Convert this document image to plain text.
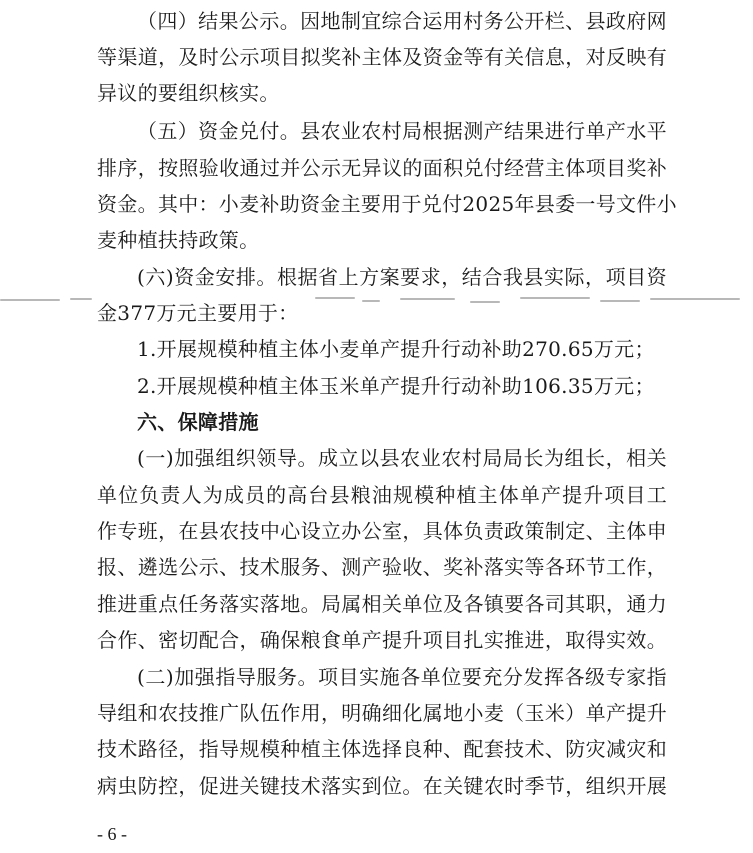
（四）结果公示。因地制宜综合运用村务公开栏、县政府网
等渠道，及时公示项目拟奖补主体及资金等有关信息，对反映有
异议的要组织核实。
（五）资金兑付。县农业农村局根据测产结果进行单产水平
排序，按照验收通过并公示无异议的面积兑付经营主体项目奖补
资金。其中：小麦补助资金主要用于兑付2025年县委一号文件小
麦种植扶持政策。
(六)资金安排。根据省上方案要求，结合我县实际，项目资
金377万元主要用于：
1.开展规模种植主体小麦单产提升行动补助270.65万元；
2.开展规模种植主体玉米单产提升行动补助106.35万元；
六、保障措施
(一)加强组织领导。成立以县农业农村局局长为组长，相关
单位负责人为成员的高台县粮油规模种植主体单产提升项目工
作专班，在县农技中心设立办公室，具体负责政策制定、主体申
报、遴选公示、技术服务、测产验收、奖补落实等各环节工作，
推进重点任务落实落地。局属相关单位及各镇要各司其职，通力
合作、密切配合，确保粮食单产提升项目扎实推进，取得实效。
(二)加强指导服务。项目实施各单位要充分发挥各级专家指
导组和农技推广队伍作用，明确细化属地小麦（玉米）单产提升
技术路径，指导规模种植主体选择良种、配套技术、防灾减灾和
病虫防控，促进关键技术落实到位。在关键农时季节，组织开展
- 6 -
